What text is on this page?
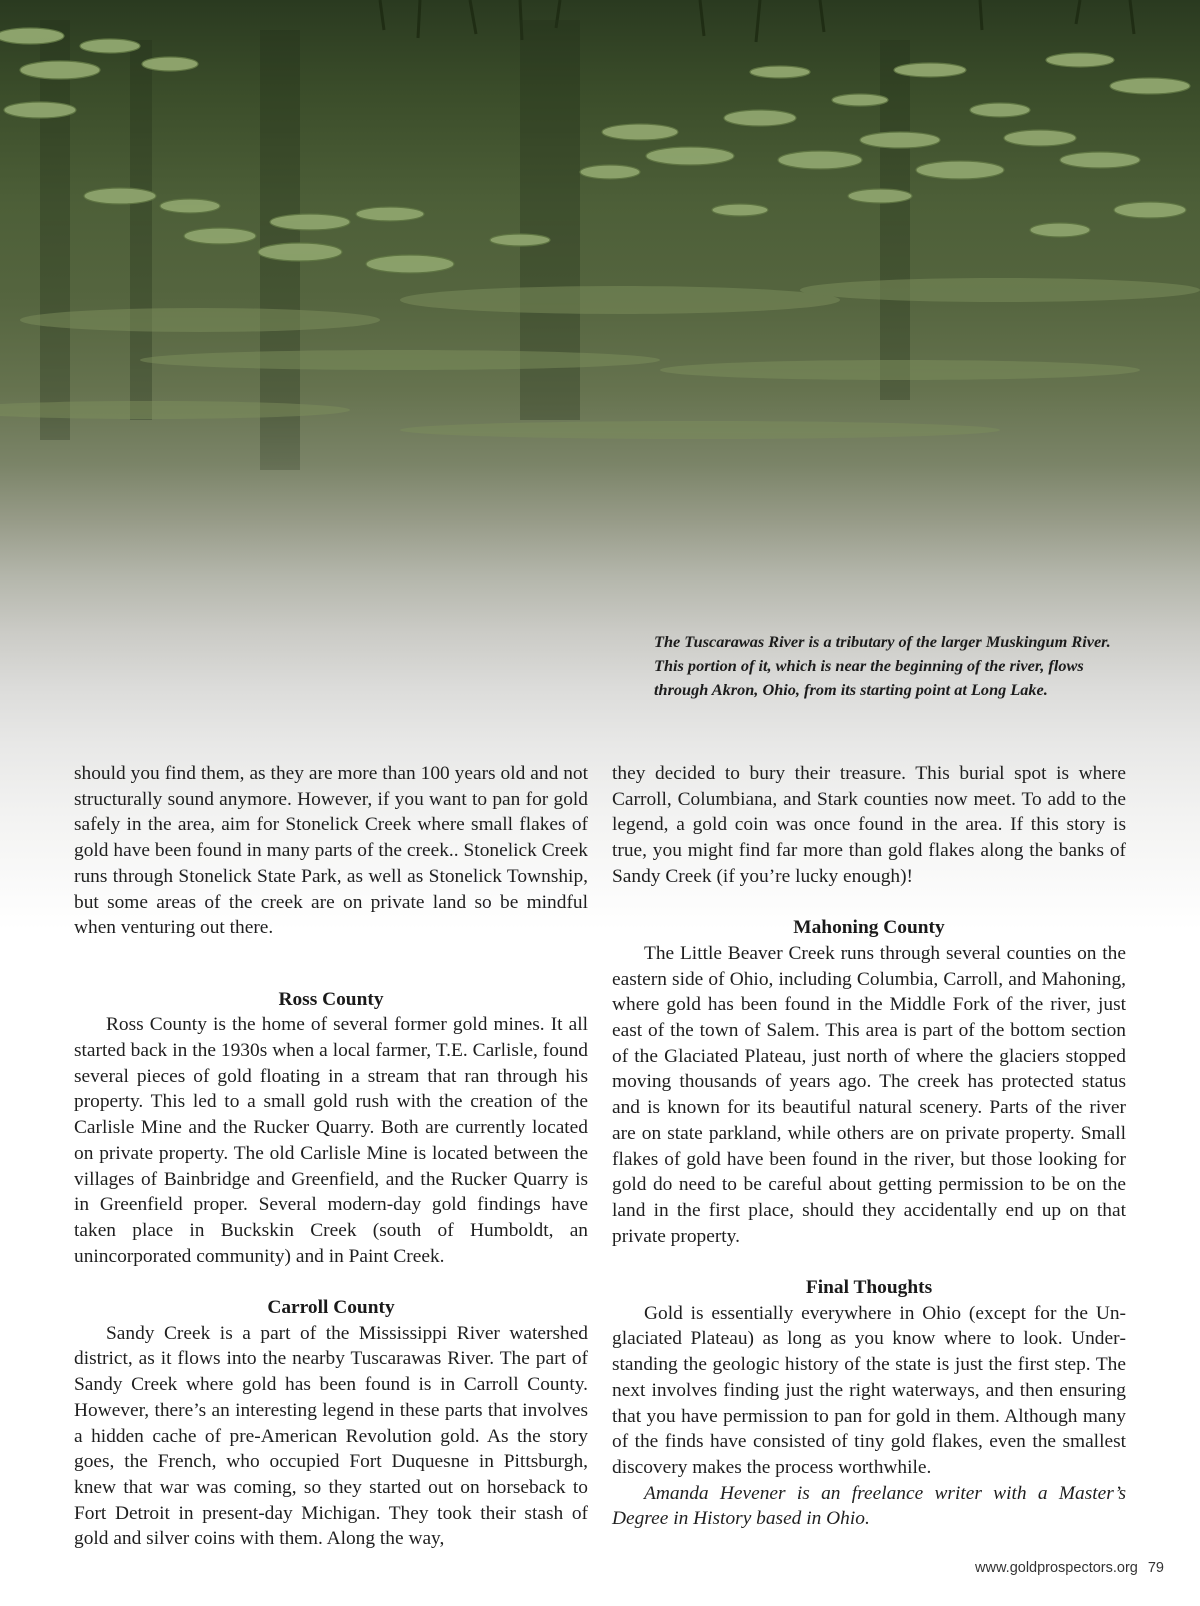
The Tuscarawas River is a tributary of the larger Muskingum River. This portion of it, which is near the beginning of the river, flows through Akron, Ohio, from its starting point at Long Lake.

should you find them, as they are more than 100 years old and not structurally sound anymore. However, if you want to pan for gold safely in the area, aim for Stonelick Creek where small flakes of gold have been found in many parts of the creek.. Stonelick Creek runs through Stonelick State Park, as well as Stonelick Township, but some areas of the creek are on private land so be mindful when venturing out there.

Ross County

Ross County is the home of several former gold mines. It all started back in the 1930s when a local farmer, T.E. Carlisle, found several pieces of gold floating in a stream that ran through his property. This led to a small gold rush with the creation of the Carlisle Mine and the Rucker Quarry. Both are currently located on private property. The old Carlisle Mine is located between the villages of Bainbridge and Greenfield, and the Rucker Quarry is in Greenfield proper. Several modern-day gold findings have taken place in Buckskin Creek (south of Humboldt, an unincorporated community) and in Paint Creek.

Carroll County

Sandy Creek is a part of the Mississippi River watershed district, as it flows into the nearby Tuscarawas River. The part of Sandy Creek where gold has been found is in Carroll County. However, there’s an interesting legend in these parts that involves a hidden cache of pre-American Revolution gold. As the story goes, the French, who occupied Fort Duquesne in Pittsburgh, knew that war was coming, so they started out on horseback to Fort Detroit in present-day Michigan. They took their stash of gold and silver coins with them. Along the way,

they decided to bury their treasure. This burial spot is where Carroll, Columbiana, and Stark counties now meet. To add to the legend, a gold coin was once found in the area. If this story is true, you might find far more than gold flakes along the banks of Sandy Creek (if you’re lucky enough)!

Mahoning County

The Little Beaver Creek runs through several counties on the eastern side of Ohio, including Columbia, Carroll, and Mahoning, where gold has been found in the Middle Fork of the river, just east of the town of Salem. This area is part of the bottom section of the Glaciated Plateau, just north of where the glaciers stopped moving thousands of years ago. The creek has protected status and is known for its beautiful natural scenery. Parts of the river are on state parkland, while others are on private property. Small flakes of gold have been found in the river, but those looking for gold do need to be careful about getting permission to be on the land in the first place, should they accidentally end up on that private property.

Final Thoughts

Gold is essentially everywhere in Ohio (except for the Unglaciated Plateau) as long as you know where to look. Understanding the geologic history of the state is just the first step. The next involves finding just the right waterways, and then ensuring that you have permission to pan for gold in them. Although many of the finds have consisted of tiny gold flakes, even the smallest discovery makes the process worthwhile.

Amanda Hevener is an freelance writer with a Master’s Degree in History based in Ohio.

www.goldprospectors.org 79
